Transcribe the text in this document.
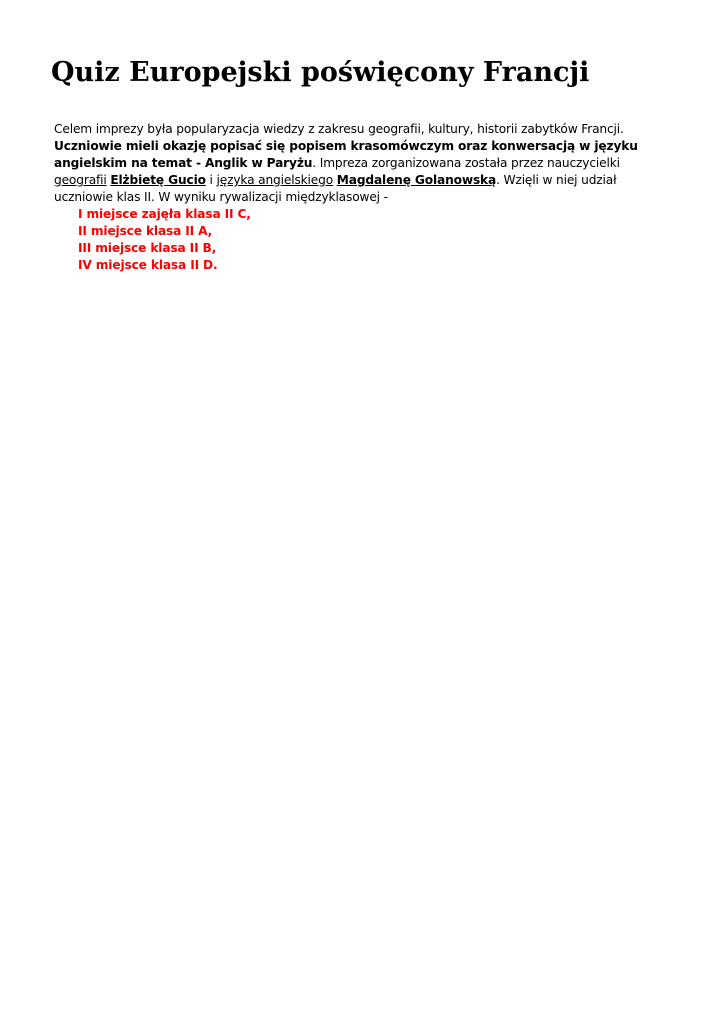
Quiz Europejski poświęcony Francji

Celem imprezy była popularyzacja wiedzy z zakresu geografii, kultury, historii zabytków Francji. Uczniowie mieli okazję popisać się popisem krasomówczym oraz konwersacją w języku angielskim na temat - Anglik w Paryżu. Impreza zorganizowana została przez nauczycielki geografii Elżbietę Gucio i języka angielskiego Magdalenę Golanowską. Wzięli w niej udział uczniowie klas II. W wyniku rywalizacji międzyklasowej -

I miejsce zajęła klasa II C,
II miejsce klasa II A,
III miejsce klasa II B,
IV miejsce klasa II D.
